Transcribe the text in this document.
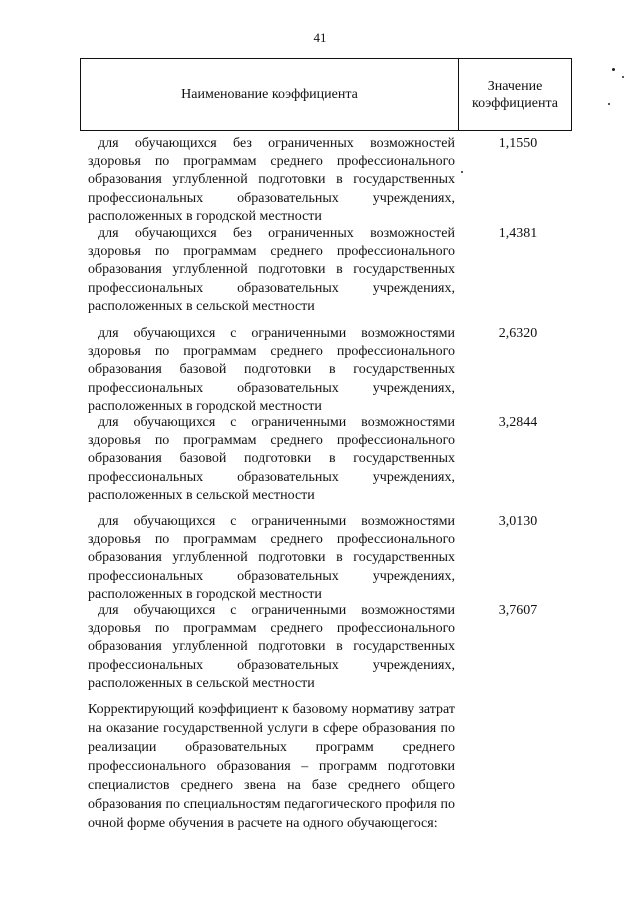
41
Наименование коэффициента
Значение
коэффициента
для обучающихся без ограниченных возможностей здоровья по программам среднего профессионального образования углубленной подготовки в государственных профессиональных образовательных учреждениях, расположенных в городской местности
1,1550
для обучающихся без ограниченных возможностей здоровья по программам среднего профессионального образования углубленной подготовки в государственных профессиональных образовательных учреждениях, расположенных в сельской местности
1,4381
для обучающихся с ограниченными возможностями здоровья по программам среднего профессионального образования базовой подготовки в государственных профессиональных образовательных учреждениях, расположенных в городской местности
2,6320
для обучающихся с ограниченными возможностями здоровья по программам среднего профессионального образования базовой подготовки в государственных профессиональных образовательных учреждениях, расположенных в сельской местности
3,2844
для обучающихся с ограниченными возможностями здоровья по программам среднего профессионального образования углубленной подготовки в государственных профессиональных образовательных учреждениях, расположенных в городской местности
3,0130
для обучающихся с ограниченными возможностями здоровья по программам среднего профессионального образования углубленной подготовки в государственных профессиональных образовательных учреждениях, расположенных в сельской местности
3,7607
Корректирующий коэффициент к базовому нормативу затрат на оказание государственной услуги в сфере образования по реализации образовательных программ среднего профессионального образования – программ подготовки специалистов среднего звена на базе среднего общего образования по специальностям педагогического профиля по очной форме обучения в расчете на одного обучающегося:
